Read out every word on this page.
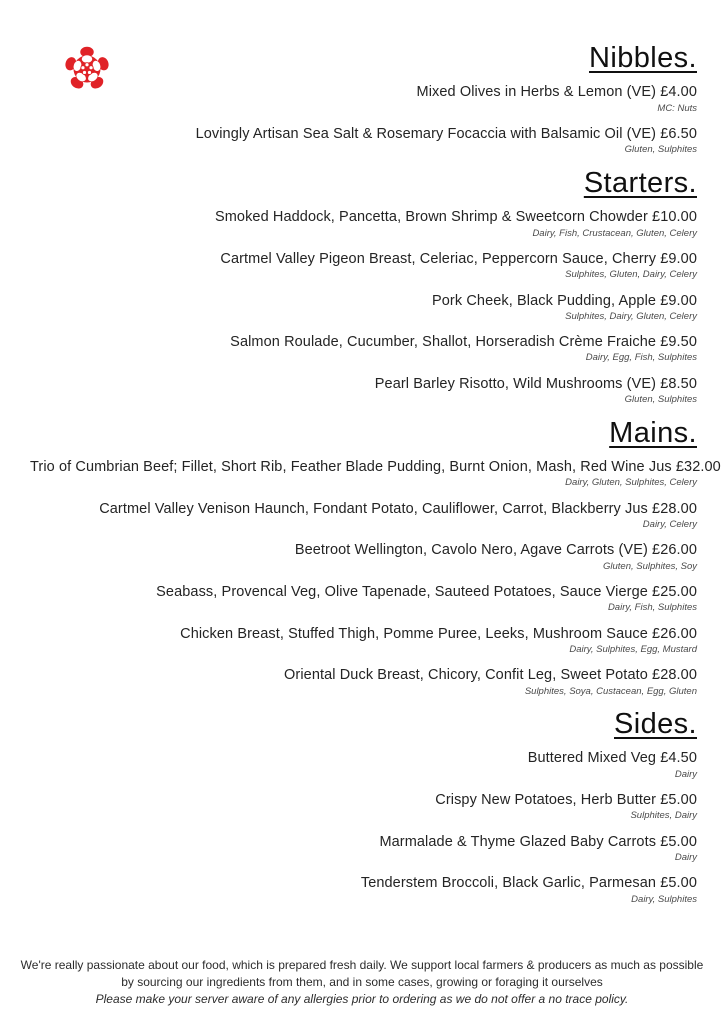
Nibbles.
Mixed Olives in Herbs & Lemon (VE) £4.00
MC: Nuts
Lovingly Artisan Sea Salt & Rosemary Focaccia with Balsamic Oil (VE) £6.50
Gluten, Sulphites
Starters.
Smoked Haddock, Pancetta, Brown Shrimp & Sweetcorn Chowder £10.00
Dairy, Fish, Crustacean, Gluten, Celery
Cartmel Valley Pigeon Breast, Celeriac, Peppercorn Sauce, Cherry £9.00
Sulphites, Gluten, Dairy, Celery
Pork Cheek, Black Pudding, Apple £9.00
Sulphites, Dairy, Gluten, Celery
Salmon Roulade, Cucumber, Shallot, Horseradish Crème Fraiche £9.50
Dairy, Egg, Fish, Sulphites
Pearl Barley Risotto, Wild Mushrooms (VE) £8.50
Gluten, Sulphites
Mains.
Trio of Cumbrian Beef; Fillet, Short Rib, Feather Blade Pudding, Burnt Onion, Mash, Red Wine Jus £32.00
Dairy, Gluten, Sulphites, Celery
Cartmel Valley Venison Haunch, Fondant Potato, Cauliflower, Carrot, Blackberry Jus £28.00
Dairy, Celery
Beetroot Wellington, Cavolo Nero, Agave Carrots (VE) £26.00
Gluten, Sulphites, Soy
Seabass, Provencal Veg, Olive Tapenade, Sauteed Potatoes, Sauce Vierge £25.00
Dairy, Fish, Sulphites
Chicken Breast, Stuffed Thigh, Pomme Puree, Leeks, Mushroom Sauce £26.00
Dairy, Sulphites, Egg, Mustard
Oriental Duck Breast, Chicory, Confit Leg, Sweet Potato £28.00
Sulphites, Soya, Custacean, Egg, Gluten
Sides.
Buttered Mixed Veg £4.50
Dairy
Crispy New Potatoes, Herb Butter £5.00
Sulphites, Dairy
Marmalade & Thyme Glazed Baby Carrots £5.00
Dairy
Tenderstem Broccoli, Black Garlic, Parmesan £5.00
Dairy, Sulphites
We're really passionate about our food, which is prepared fresh daily. We support local farmers & producers as much as possible
by sourcing our ingredients from them, and in some cases, growing or foraging it ourselves
Please make your server aware of any allergies prior to ordering as we do not offer a no trace policy.
